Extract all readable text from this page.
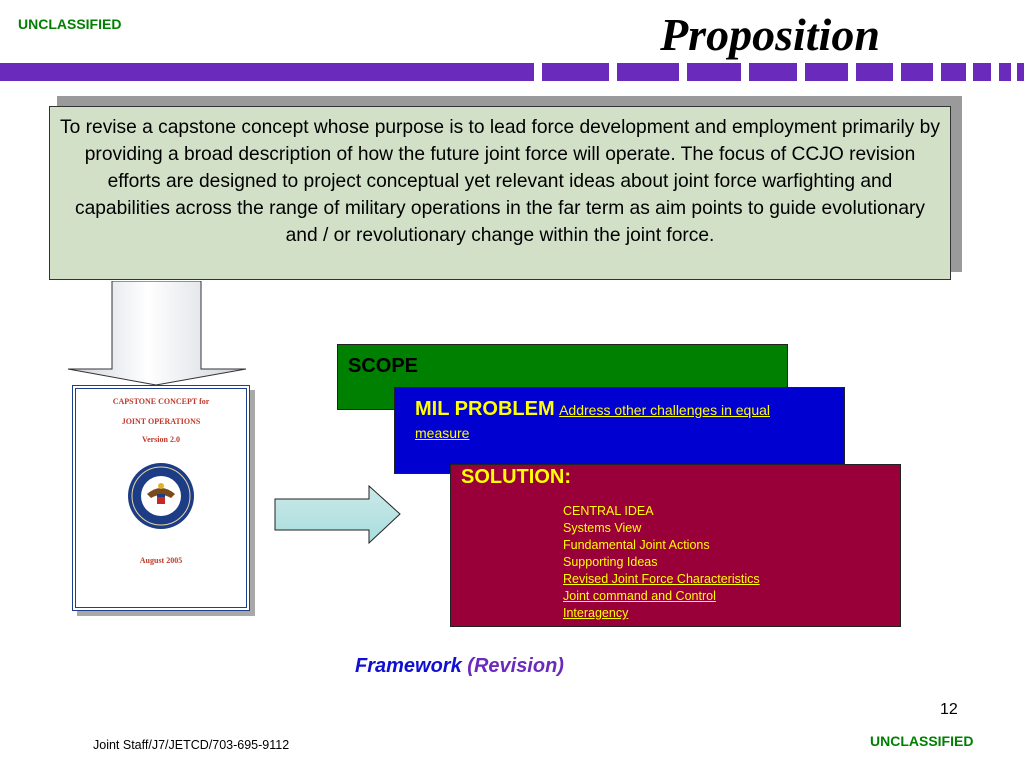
UNCLASSIFIED	Proposition
To revise a capstone concept whose purpose is to lead force development and employment primarily by providing a broad description of how the future joint force will operate. The focus of CCJO revision efforts are designed to project conceptual yet relevant ideas about joint force warfighting and capabilities across the range of military operations in the far term as aim points to guide evolutionary and / or revolutionary change within the joint force.
CAPSTONE CONCEPT for
JOINT OPERATIONS
Version 2.0
August 2005
SCOPE
MIL PROBLEM Address other challenges in equal measure
SOLUTION:
CENTRAL IDEA
Systems View
Fundamental Joint Actions
Supporting Ideas
Revised Joint Force Characteristics
Joint command and Control
Interagency
Framework (Revision)
12
Joint Staff/J7/JETCD/703-695-9112	UNCLASSIFIED
